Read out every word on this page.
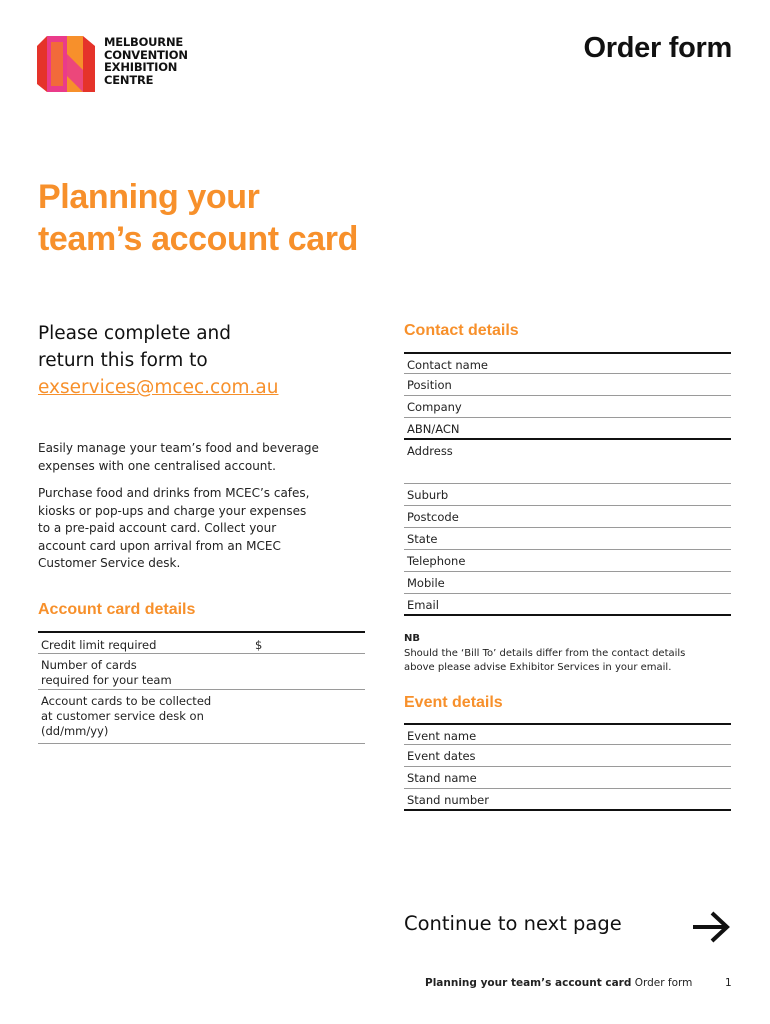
MELBOURNE
CONVENTION
EXHIBITION
CENTRE
Order form
Planning your
team’s account card
Please complete and
return this form to
exservices@mcec.com.au
Easily manage your team’s food and beverage
expenses with one centralised account.
Purchase food and drinks from MCEC’s cafes,
kiosks or pop-ups and charge your expenses
to a pre-paid account card. Collect your
account card upon arrival from an MCEC
Customer Service desk.
Account card details
Credit limit required	$
Number of cards
required for your team
Account cards to be collected
at customer service desk on
(dd/mm/yy)
Contact details
Contact name
Position
Company
ABN/ACN
Address
Suburb
Postcode
State
Telephone
Mobile
Email
NB
Should the ‘Bill To’ details differ from the contact details
above please advise Exhibitor Services in your email.
Event details
Event name
Event dates
Stand name
Stand number
Continue to next page
Planning your team’s account card Order form	1
